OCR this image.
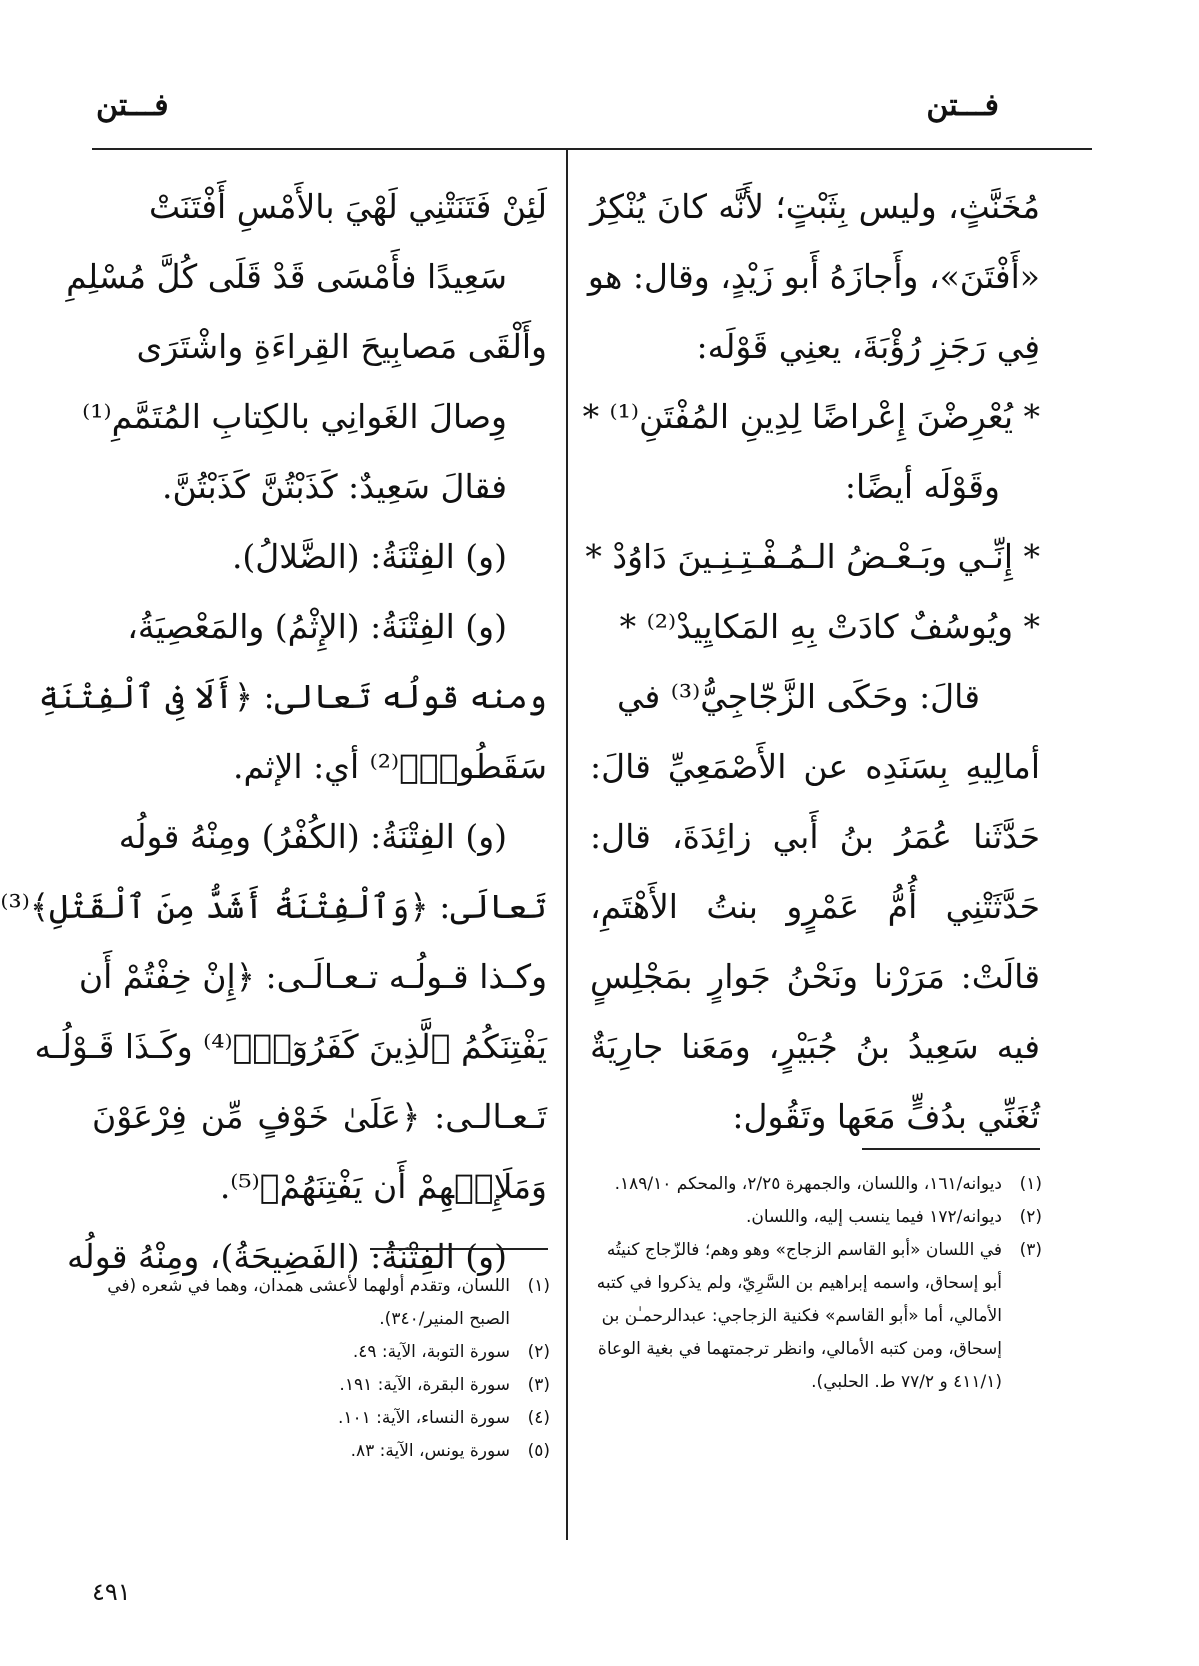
فـــتن
فـــتن
مُخَنَّثٍ، وليس بِثَبْتٍ؛ لأَنَّه كانَ يُنْكِرُ
«أَفْتَنَ»، وأَجازَهُ أَبو زَيْدٍ، وقال: هو
فِي رَجَزِ رُؤْبَةَ، يعنِي قَوْلَه:
* يُعْرِضْنَ إِعْراضًا لِدِينِ المُفْتَنِ⁽¹⁾ *
وقَوْلَه أيضًا:
* إِنِّـي وبَـعْـضُ الـمُـفْـتِـنِـينَ دَاوُدْ *
* ويُوسُفٌ كادَتْ بِهِ المَكايِيدْ⁽²⁾ *
قالَ: وحَكَى الزَّجّاجِيُّ⁽³⁾ في
أمالِيهِ بِسَنَدِه عن الأَصْمَعِيِّ قالَ:
حَدَّثَنا عُمَرُ بنُ أَبي زائِدَةَ، قال:
حَدَّثَتْنِي أُمُّ عَمْرٍو بنتُ الأَهْتَمِ،
قالَتْ: مَرَرْنا ونَحْنُ جَوارٍ بمَجْلِسٍ
فيه سَعِيدُ بنُ جُبَيْرٍ، ومَعَنا جارِيَةٌ
تُغَنِّي بدُفٍّ مَعَها وتَقُول:
لَئِنْ فَتَنَتْنِي لَهْيَ بالأَمْسِ أَفْتَنَتْ
سَعِيدًا فأَمْسَى قَدْ قَلَى كُلَّ مُسْلِمِ
وأَلْقَى مَصابِيحَ القِراءَةِ واشْتَرَى
وِصالَ الغَوانِي بالكِتابِ المُتَمَّمِ⁽¹⁾
فقالَ سَعِيدٌ: كَذَبْتُنَّ كَذَبْتُنَّ.
(و) الفِتْنَةُ: (الضَّلالُ).
(و) الفِتْنَةُ: (الإِثْمُ) والمَعْصِيَةُ،
ومنه قولُه تَعالى: ﴿أَلَا فِى ٱلْفِتْنَةِ
سَقَطُوا۟﴾⁽²⁾ أي: الإثم.
(و) الفِتْنَةُ: (الكُفْرُ) ومِنْهُ قولُه
تَعالَى: ﴿وَٱلْفِتْنَةُ أَشَدُّ مِنَ ٱلْقَتْلِ﴾⁽³⁾
وكـذا قـولُـه تـعـالَـى: ﴿إِنْ خِفْتُمْ أَن
يَفْتِنَكُمُ ٱلَّذِينَ كَفَرُوٓا۟﴾⁽⁴⁾ وكَـذَا قَـوْلُـه
تَـعـالـى: ﴿عَلَىٰ خَوْفٍ مِّن فِرْعَوْنَ
وَمَلَإِي۟هِمْ أَن يَفْتِنَهُمْ﴾⁽⁵⁾.
(و) الفِتْنَةُ: (الفَضِيحَةُ)، ومِنْهُ قولُه
(١)
ديوانه/١٦١، واللسان، والجمهرة ٢/٢٥، والمحكم ١٨٩/١٠.
(٢)
ديوانه/١٧٢ فيما ينسب إليه، واللسان.
(٣)
في اللسان «أبو القاسم الزجاج» وهو وهم؛ فالزّجاج كنيتُه أبو إسحاق، واسمه إبراهيم بن السَّرِيّ، ولم يذكروا في كتبه الأمالي، أما «أبو القاسم» فكنية الزجاجي: عبدالرحمـٰن بن إسحاق، ومن كتبه الأمالي، وانظر ترجمتهما في بغية الوعاة (٤١١/١ و ٧٧/٢ ط. الحلبي).
(١)
اللسان، وتقدم أولهما لأعشى همدان، وهما في شعره (في الصبح المنير/٣٤٠).
(٢)
سورة التوبة، الآية: ٤٩.
(٣)
سورة البقرة، الآية: ١٩١.
(٤)
سورة النساء، الآية: ١٠١.
(٥)
سورة يونس، الآية: ٨٣.
٤٩١
